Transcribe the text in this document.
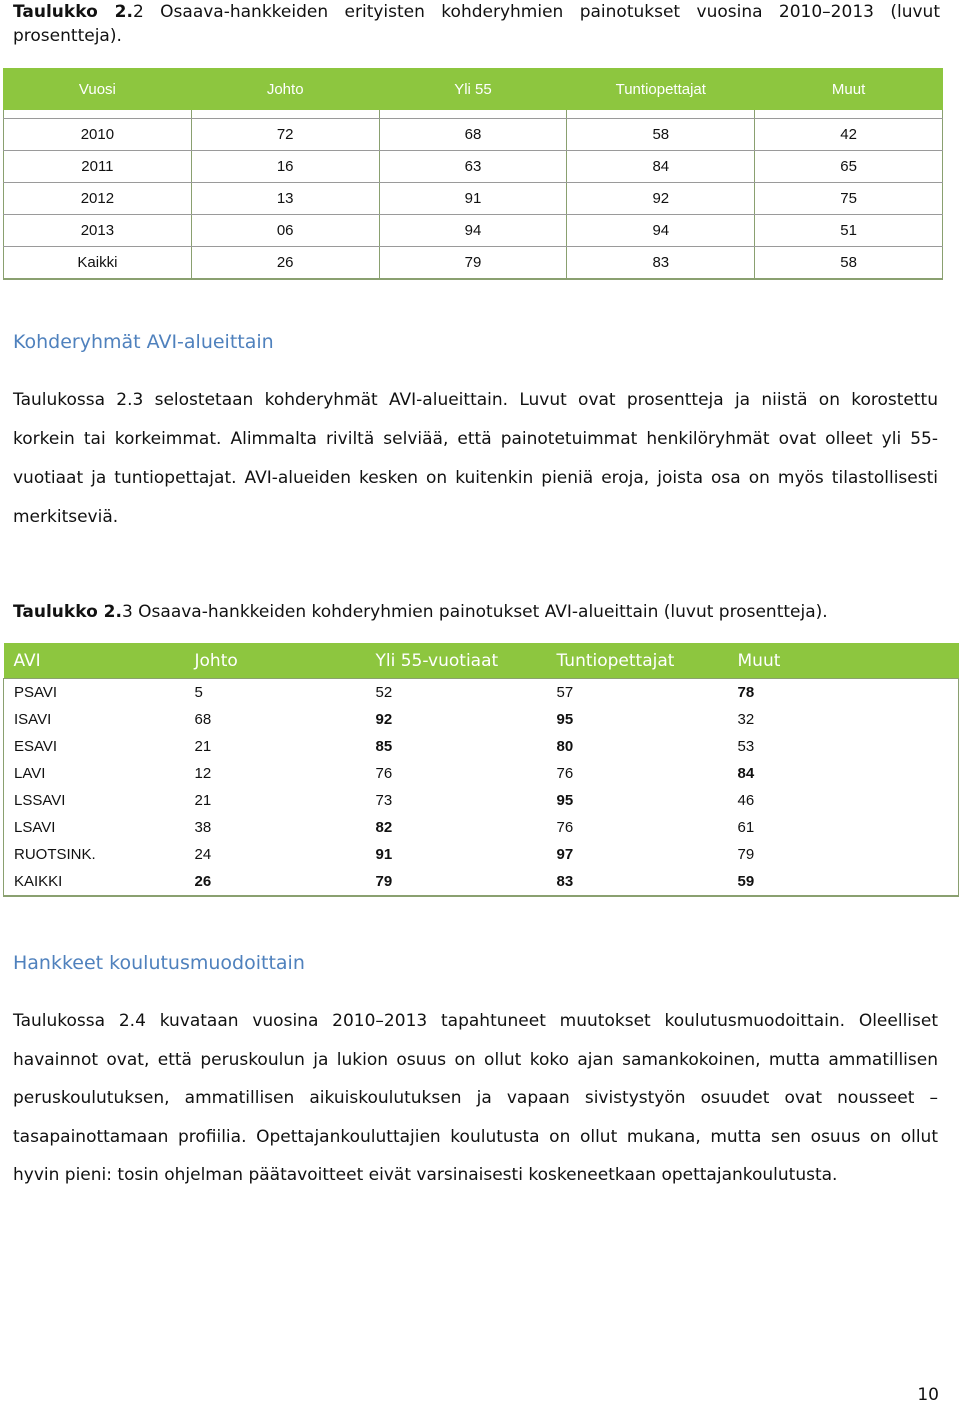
Taulukko 2.2 Osaava-hankkeiden erityisten kohderyhmien painotukset vuosina 2010–2013 (luvut prosentteja).
Vuosi	Johto	Yli 55	Tuntiopettajat	Muut

2010	72	68	58	42
2011	16	63	84	65
2012	13	91	92	75
2013	06	94	94	51
Kaikki	26	79	83	58
Kohderyhmät AVI-alueittain
Taulukossa 2.3 selostetaan kohderyhmät AVI-alueittain. Luvut ovat prosentteja ja niistä on korostettu korkein tai korkeimmat. Alimmalta riviltä selviää, että painotetuimmat henkilöryhmät ovat olleet yli 55-vuotiaat ja tuntiopettajat. AVI-alueiden kesken on kuitenkin pieniä eroja, joista osa on myös tilastollisesti merkitseviä.
Taulukko 2.3 Osaava-hankkeiden kohderyhmien painotukset AVI-alueittain (luvut prosentteja).
AVI	Johto	Yli 55-vuotiaat	Tuntiopettajat	Muut
PSAVI	5	52	57	78
ISAVI	68	92	95	32
ESAVI	21	85	80	53
LAVI	12	76	76	84
LSSAVI	21	73	95	46
LSAVI	38	82	76	61
RUOTSINK.	24	91	97	79
KAIKKI	26	79	83	59
Hankkeet koulutusmuodoittain
Taulukossa 2.4 kuvataan vuosina 2010–2013 tapahtuneet muutokset koulutusmuodoittain. Oleelliset havainnot ovat, että peruskoulun ja lukion osuus on ollut koko ajan samankokoinen, mutta ammatillisen peruskoulutuksen, ammatillisen aikuiskoulutuksen ja vapaan sivistystyön osuudet ovat nousseet – tasapainottamaan profiilia. Opettajankouluttajien koulutusta on ollut mukana, mutta sen osuus on ollut hyvin pieni: tosin ohjelman päätavoitteet eivät varsinaisesti koskeneetkaan opettajankoulutusta.
10
